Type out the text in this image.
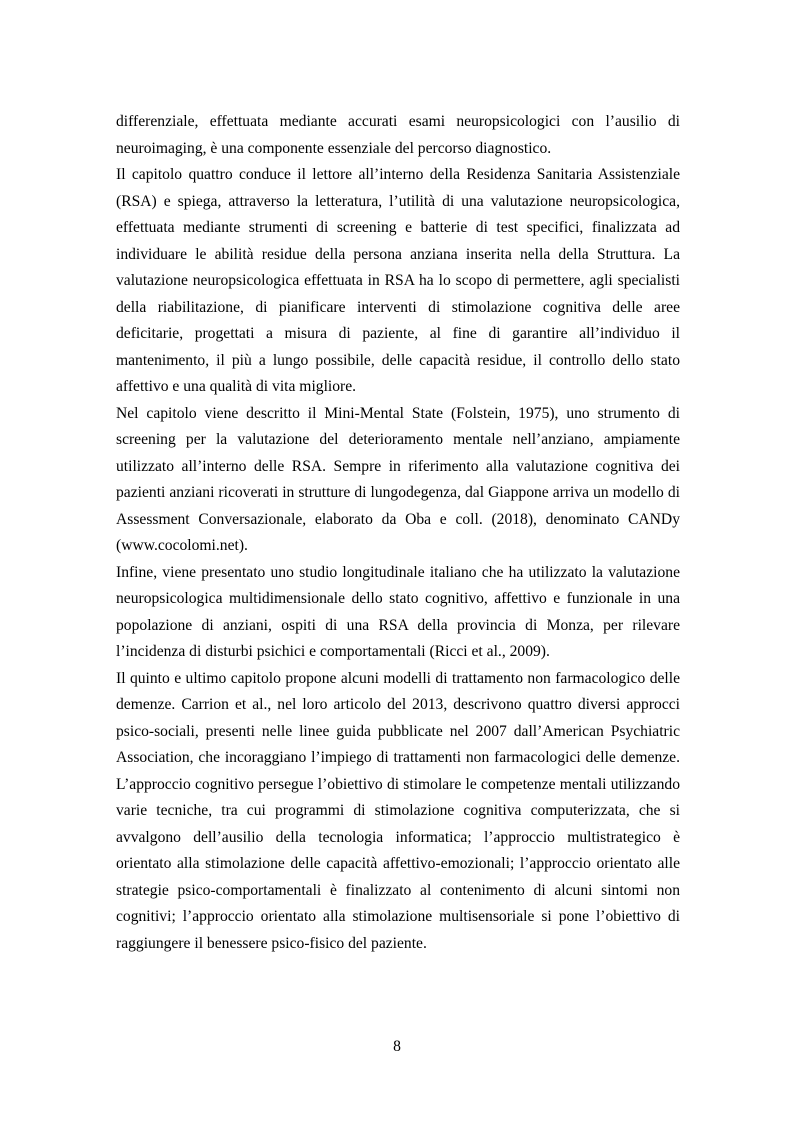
differenziale, effettuata mediante accurati esami neuropsicologici con l’ausilio di neuroimaging, è una componente essenziale del percorso diagnostico.

Il capitolo quattro conduce il lettore all’interno della Residenza Sanitaria Assistenziale (RSA) e spiega, attraverso la letteratura, l’utilità di una valutazione neuropsicologica, effettuata mediante strumenti di screening e batterie di test specifici, finalizzata ad individuare le abilità residue della persona anziana inserita nella della Struttura. La valutazione neuropsicologica effettuata in RSA ha lo scopo di permettere, agli specialisti della riabilitazione, di pianificare interventi di stimolazione cognitiva delle aree deficitarie, progettati a misura di paziente, al fine di garantire all’individuo il mantenimento, il più a lungo possibile, delle capacità residue, il controllo dello stato affettivo e una qualità di vita migliore.

Nel capitolo viene descritto il Mini-Mental State (Folstein, 1975), uno strumento di screening per la valutazione del deterioramento mentale nell’anziano, ampiamente utilizzato all’interno delle RSA. Sempre in riferimento alla valutazione cognitiva dei pazienti anziani ricoverati in strutture di lungodegenza, dal Giappone arriva un modello di Assessment Conversazionale, elaborato da Oba e coll. (2018), denominato CANDy (www.cocolomi.net).

Infine, viene presentato uno studio longitudinale italiano che ha utilizzato la valutazione neuropsicologica multidimensionale dello stato cognitivo, affettivo e funzionale in una popolazione di anziani, ospiti di una RSA della provincia di Monza, per rilevare l’incidenza di disturbi psichici e comportamentali (Ricci et al., 2009).

Il quinto e ultimo capitolo propone alcuni modelli di trattamento non farmacologico delle demenze. Carrion et al., nel loro articolo del 2013, descrivono quattro diversi approcci psico-sociali, presenti nelle linee guida pubblicate nel 2007 dall’American Psychiatric Association, che incoraggiano l’impiego di trattamenti non farmacologici delle demenze. L’approccio cognitivo persegue l’obiettivo di stimolare le competenze mentali utilizzando varie tecniche, tra cui programmi di stimolazione cognitiva computerizzata, che si avvalgono dell’ausilio della tecnologia informatica; l’approccio multistrategico è orientato alla stimolazione delle capacità affettivo-emozionali; l’approccio orientato alle strategie psico-comportamentali è finalizzato al contenimento di alcuni sintomi non cognitivi; l’approccio orientato alla stimolazione multisensoriale si pone l’obiettivo di raggiungere il benessere psico-fisico del paziente.

8
